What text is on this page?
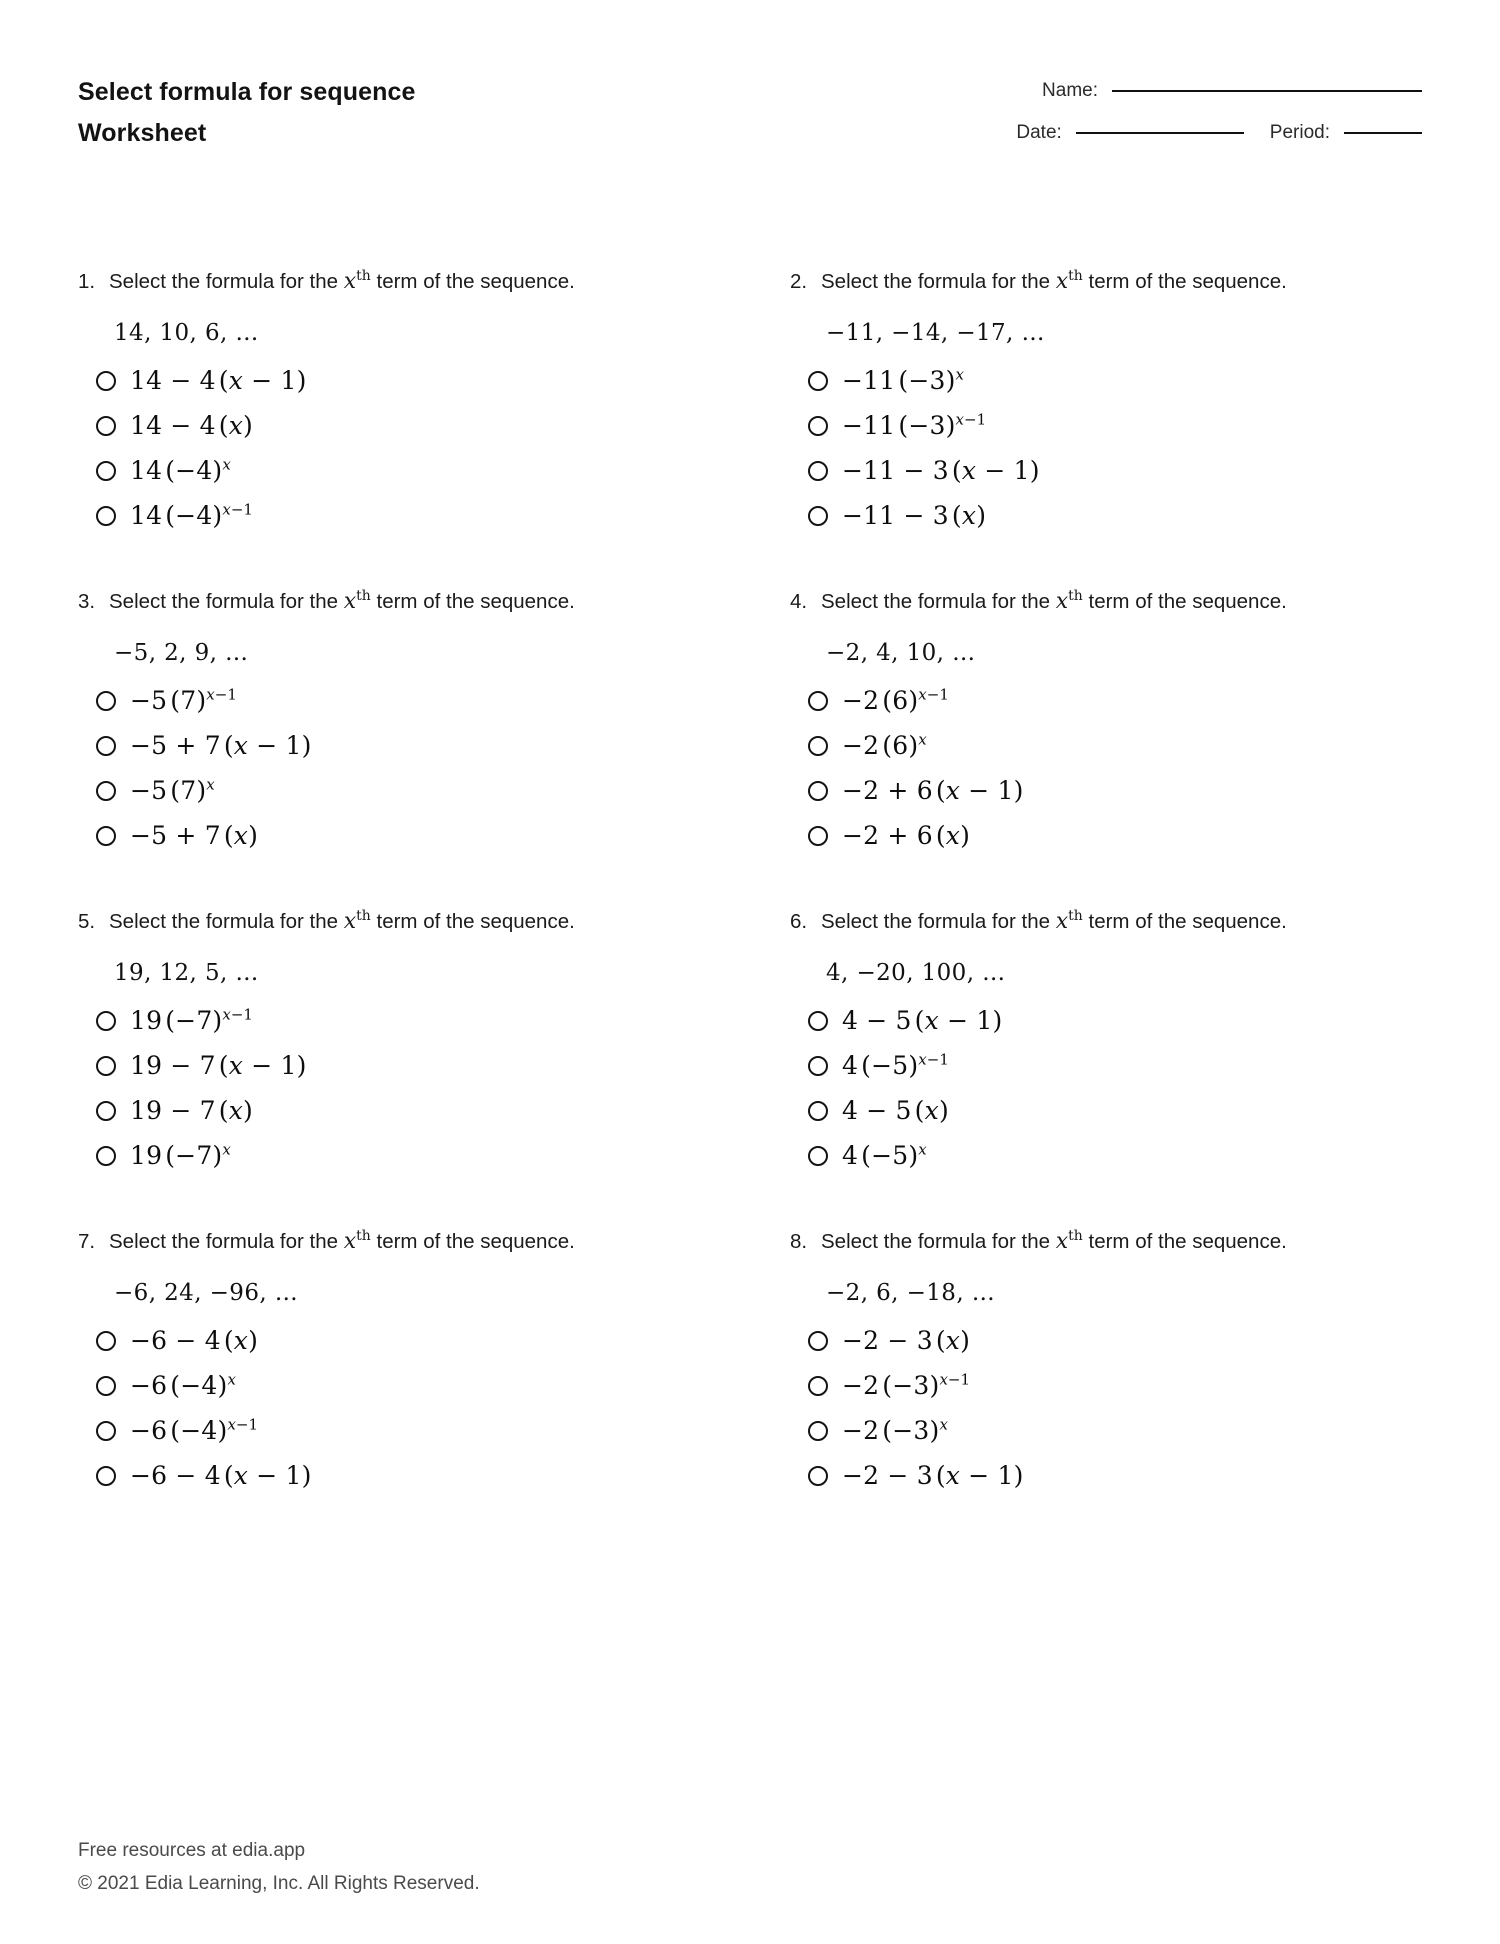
Select formula for sequence
Worksheet
Name:
Date:	Period:
1. Select the formula for the $x^{th}$ term of the sequence.
14, 10, 6, …
14 − 4 (x − 1)
14 − 4 (x)
14 $(-4)^x$
14 $(-4)^{x-1}$
2. Select the formula for the $x^{th}$ term of the sequence.
−11, −14, −17, …
−11 $(-3)^x$
−11 $(-3)^{x-1}$
−11 − 3 (x − 1)
−11 − 3 (x)
3. Select the formula for the $x^{th}$ term of the sequence.
−5, 2, 9, …
−5 $(7)^{x-1}$
−5 + 7 (x − 1)
−5 $(7)^x$
−5 + 7 (x)
4. Select the formula for the $x^{th}$ term of the sequence.
−2, 4, 10, …
−2 $(6)^{x-1}$
−2 $(6)^x$
−2 + 6 (x − 1)
−2 + 6 (x)
5. Select the formula for the $x^{th}$ term of the sequence.
19, 12, 5, …
19 $(-7)^{x-1}$
19 − 7 (x − 1)
19 − 7 (x)
19 $(-7)^x$
6. Select the formula for the $x^{th}$ term of the sequence.
4, −20, 100, …
4 − 5 (x − 1)
4 $(-5)^{x-1}$
4 − 5 (x)
4 $(-5)^x$
7. Select the formula for the $x^{th}$ term of the sequence.
−6, 24, −96, …
−6 − 4 (x)
−6 $(-4)^x$
−6 $(-4)^{x-1}$
−6 − 4 (x − 1)
8. Select the formula for the $x^{th}$ term of the sequence.
−2, 6, −18, …
−2 − 3 (x)
−2 $(-3)^{x-1}$
−2 $(-3)^x$
−2 − 3 (x − 1)
Free resources at edia.app
© 2021 Edia Learning, Inc. All Rights Reserved.
